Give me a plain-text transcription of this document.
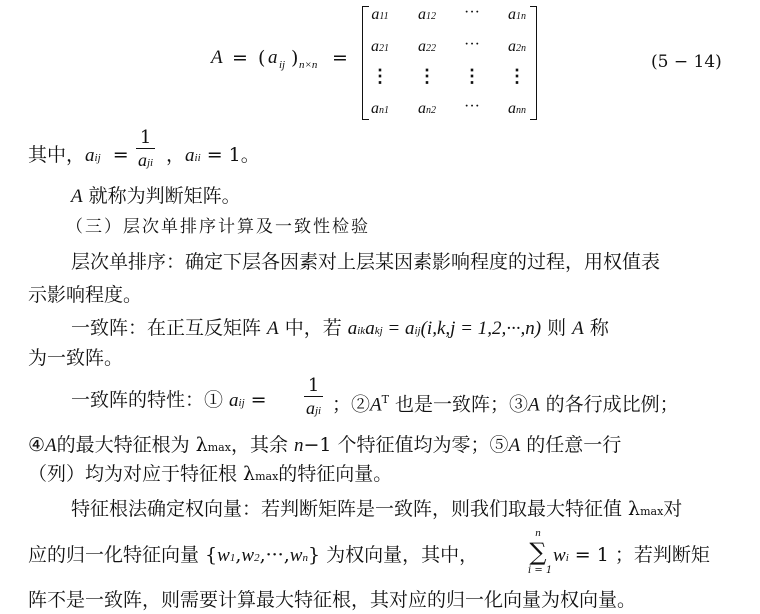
A = ( a ij ) n×n =
a11	a12	···	a1n
a21	a22	···	a2n
⋮	⋮	⋮	⋮
an1	an2	···	ann
(5 − 14)
其中，aij = $\frac{1}{\text{aji}}$ ，aii = 1。
A 就称为判断矩阵。
（三）层次单排序计算及一致性检验
层次单排序：确定下层各因素对上层某因素影响程度的过程，用权值表
示影响程度。
一致阵：在正互反矩阵 A 中，若 aikakj = aij(i,k,j = 1,2,···,n) 则 A 称
为一致阵。
一致阵的特性：① aij =	$\frac{1}{\text{aji}}$ ；$②A^T$ 也是一致阵；③A 的各行成比例；
④A的最大特征根为 λmax，其余 n−1 个特征值均为零；⑤A 的任意一行
（列）均为对应于特征根 λmax的特征向量。
特征根法确定权向量：若判断矩阵是一致阵，则我们取最大特征值 λmax对
应的归一化特征向量 {w1,w2,···,wn} 为权向量，其中，
n
∑
i = 1
wi = 1 ；若判断矩
阵不是一致阵，则需要计算最大特征根，其对应的归一化向量为权向量。
